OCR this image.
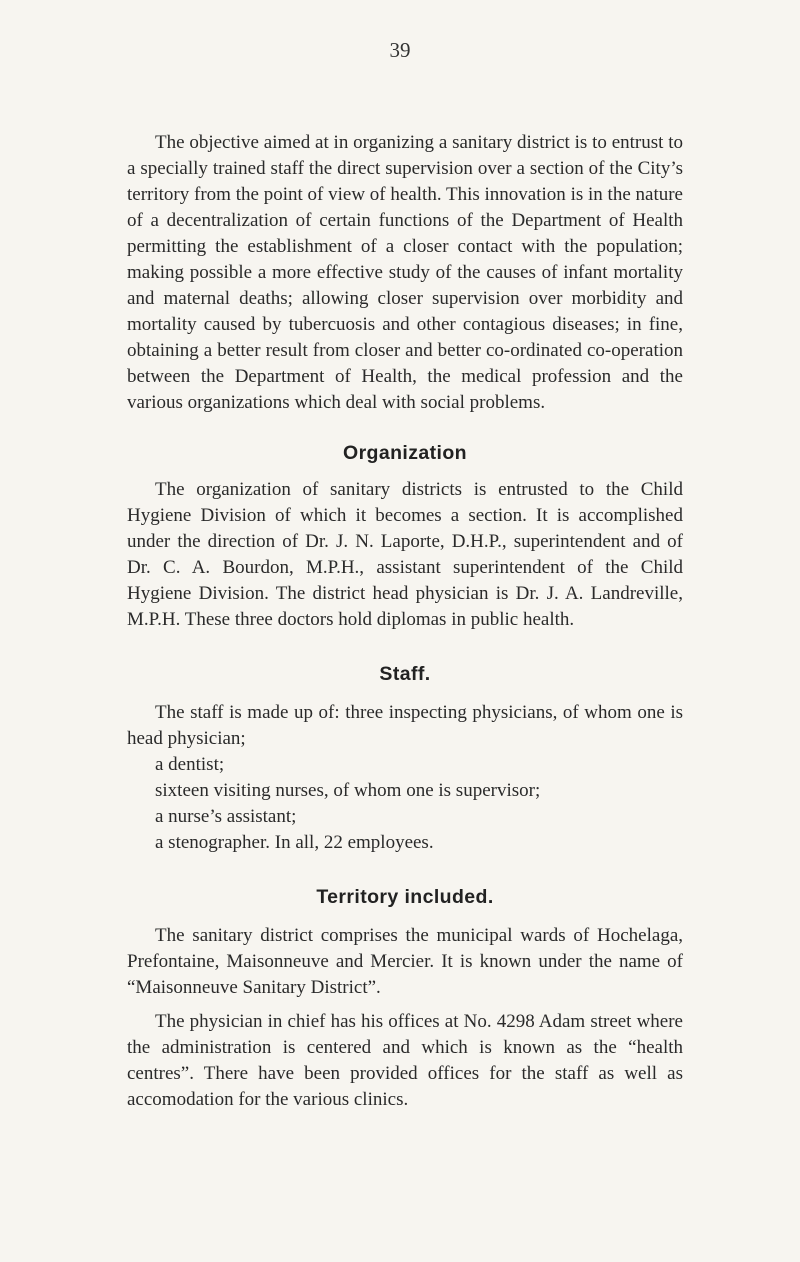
39

The objective aimed at in organizing a sanitary district is to entrust to a specially trained staff the direct supervision over a section of the City’s territory from the point of view of health. This innovation is in the nature of a decentralization of certain functions of the Department of Health permitting the establishment of a closer contact with the population; making possible a more effective study of the causes of infant mortality and maternal deaths; allowing closer supervision over morbidity and mortality caused by tubercuosis and other contagious diseases; in fine, obtaining a better result from closer and better co-ordinated co-operation between the Department of Health, the medical profession and the various organizations which deal with social problems.

Organization

The organization of sanitary districts is entrusted to the Child Hygiene Division of which it becomes a section. It is accomplished under the direction of Dr. J. N. Laporte, D.H.P., superintendent and of Dr. C. A. Bourdon, M.P.H., assistant superintendent of the Child Hygiene Division. The district head physician is Dr. J. A. Landreville, M.P.H. These three doctors hold diplomas in public health.

Staff.

The staff is made up of: three inspecting physicians, of whom one is head physician;

a dentist;
sixteen visiting nurses, of whom one is supervisor;
a nurse’s assistant;
a stenographer. In all, 22 employees.
Territory included.

The sanitary district comprises the municipal wards of Hochelaga, Prefontaine, Maisonneuve and Mercier. It is known under the name of “Maisonneuve Sanitary District”.

The physician in chief has his offices at No. 4298 Adam street where the administration is centered and which is known as the “health centres”. There have been provided offices for the staff as well as accomodation for the various clinics.
